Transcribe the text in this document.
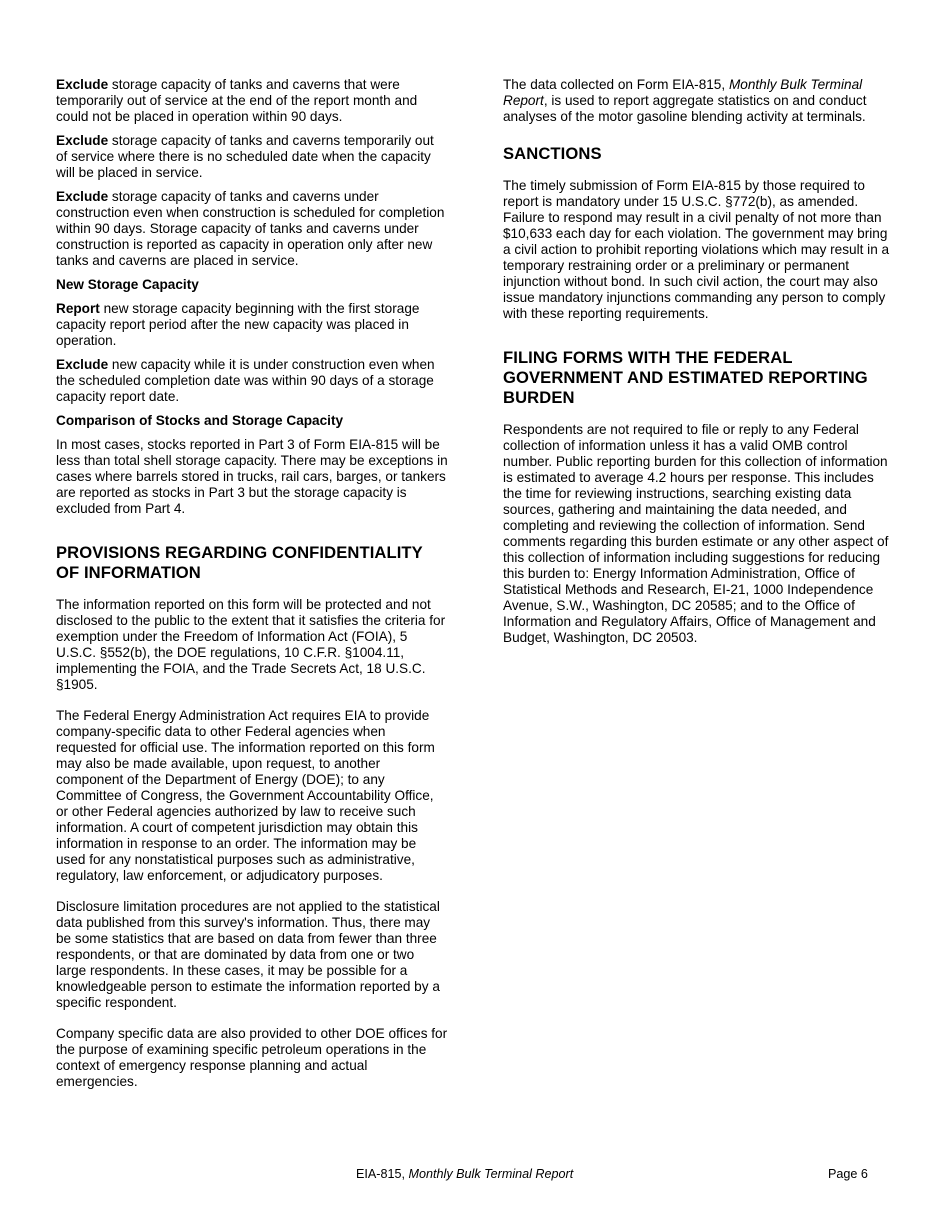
Exclude storage capacity of tanks and caverns that were temporarily out of service at the end of the report month and could not be placed in operation within 90 days.

Exclude storage capacity of tanks and caverns temporarily out of service where there is no scheduled date when the capacity will be placed in service.

Exclude storage capacity of tanks and caverns under construction even when construction is scheduled for completion within 90 days. Storage capacity of tanks and caverns under construction is reported as capacity in operation only after new tanks and caverns are placed in service.

New Storage Capacity

Report new storage capacity beginning with the first storage capacity report period after the new capacity was placed in operation.

Exclude new capacity while it is under construction even when the scheduled completion date was within 90 days of a storage capacity report date.

Comparison of Stocks and Storage Capacity

In most cases, stocks reported in Part 3 of Form EIA-815 will be less than total shell storage capacity. There may be exceptions in cases where barrels stored in trucks, rail cars, barges, or tankers are reported as stocks in Part 3 but the storage capacity is excluded from Part 4.

PROVISIONS REGARDING CONFIDENTIALITY OF INFORMATION

The information reported on this form will be protected and not disclosed to the public to the extent that it satisfies the criteria for exemption under the Freedom of Information Act (FOIA), 5 U.S.C. §552(b), the DOE regulations, 10 C.F.R. §1004.11, implementing the FOIA, and the Trade Secrets Act, 18 U.S.C. §1905.

The Federal Energy Administration Act requires EIA to provide company-specific data to other Federal agencies when requested for official use. The information reported on this form may also be made available, upon request, to another component of the Department of Energy (DOE); to any Committee of Congress, the Government Accountability Office, or other Federal agencies authorized by law to receive such information. A court of competent jurisdiction may obtain this information in response to an order. The information may be used for any nonstatistical purposes such as administrative, regulatory, law enforcement, or adjudicatory purposes.

Disclosure limitation procedures are not applied to the statistical data published from this survey's information. Thus, there may be some statistics that are based on data from fewer than three respondents, or that are dominated by data from one or two large respondents. In these cases, it may be possible for a knowledgeable person to estimate the information reported by a specific respondent.

Company specific data are also provided to other DOE offices for the purpose of examining specific petroleum operations in the context of emergency response planning and actual emergencies.

The data collected on Form EIA-815, Monthly Bulk Terminal Report, is used to report aggregate statistics on and conduct analyses of the motor gasoline blending activity at terminals.

SANCTIONS

The timely submission of Form EIA-815 by those required to report is mandatory under 15 U.S.C. §772(b), as amended. Failure to respond may result in a civil penalty of not more than $10,633 each day for each violation. The government may bring a civil action to prohibit reporting violations which may result in a temporary restraining order or a preliminary or permanent injunction without bond. In such civil action, the court may also issue mandatory injunctions commanding any person to comply with these reporting requirements.

FILING FORMS WITH THE FEDERAL GOVERNMENT AND ESTIMATED REPORTING BURDEN

Respondents are not required to file or reply to any Federal collection of information unless it has a valid OMB control number. Public reporting burden for this collection of information is estimated to average 4.2 hours per response. This includes the time for reviewing instructions, searching existing data sources, gathering and maintaining the data needed, and completing and reviewing the collection of information. Send comments regarding this burden estimate or any other aspect of this collection of information including suggestions for reducing this burden to: Energy Information Administration, Office of Statistical Methods and Research, EI-21, 1000 Independence Avenue, S.W., Washington, DC 20585; and to the Office of Information and Regulatory Affairs, Office of Management and Budget, Washington, DC 20503.

EIA-815, Monthly Bulk Terminal Report	Page 6
